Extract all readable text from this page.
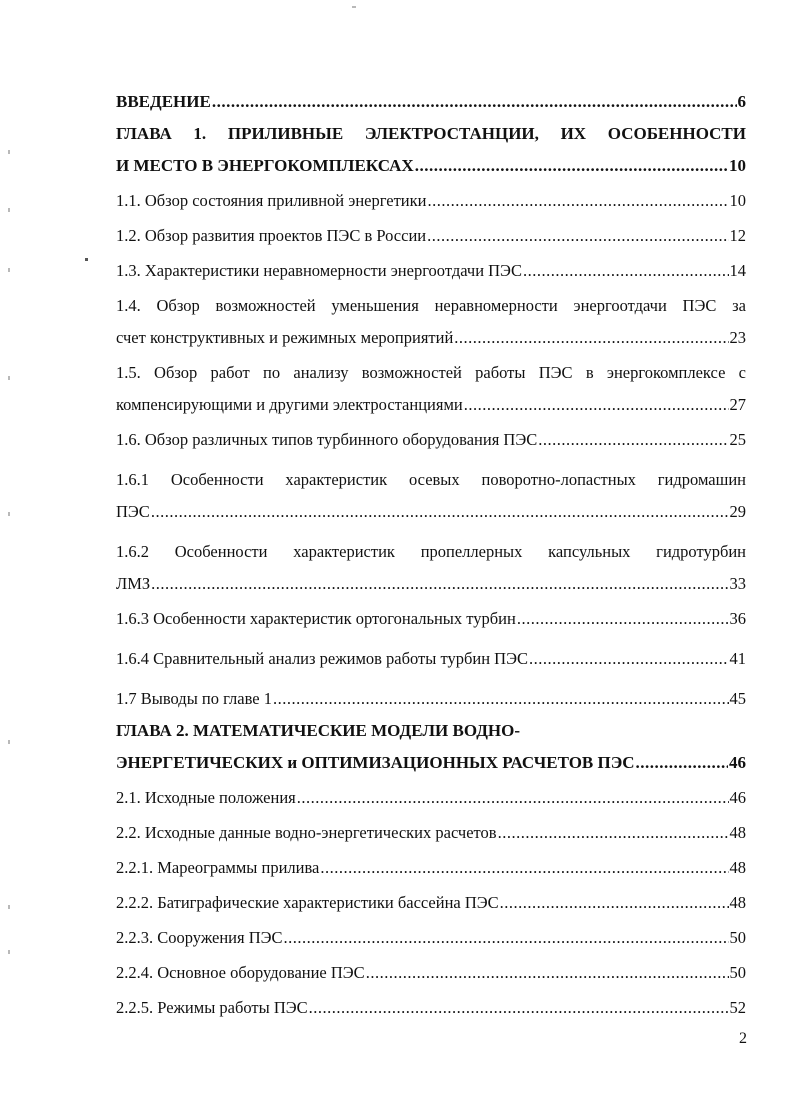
ВВЕДЕНИЕ .....	6
ГЛАВА 1. ПРИЛИВНЫЕ ЭЛЕКТРОСТАНЦИИ, ИХ ОСОБЕННОСТИ
И МЕСТО В ЭНЕРГОКОМПЛЕКСАХ .....	10
1.1. Обзор состояния приливной энергетики .....	10
1.2. Обзор развития проектов ПЭС в России .....	12
1.3. Характеристики неравномерности энергоотдачи ПЭС .....	14
1.4. Обзор возможностей уменьшения неравномерности энергоотдачи ПЭС за
счет конструктивных и режимных мероприятий .....	23
1.5. Обзор работ по анализу возможностей работы ПЭС в энергокомплексе с
компенсирующими и другими электростанциями .....	27
1.6. Обзор различных типов турбинного оборудования ПЭС .....	25
1.6.1 Особенности характеристик осевых поворотно-лопастных гидромашин
ПЭС .....	29
1.6.2 Особенности характеристик пропеллерных капсульных гидротурбин
ЛМЗ .....	33
1.6.3 Особенности характеристик ортогональных турбин .....	36
1.6.4 Сравнительный анализ режимов работы турбин ПЭС .....	41
1.7 Выводы по главе 1 .....	45
ГЛАВА 2. МАТЕМАТИЧЕСКИЕ МОДЕЛИ ВОДНО-
ЭНЕРГЕТИЧЕСКИХ и ОПТИМИЗАЦИОННЫХ РАСЧЕТОВ ПЭС .....	46
2.1. Исходные положения .....	46
2.2. Исходные данные водно-энергетических расчетов .....	48
2.2.1. Мареограммы прилива .....	48
2.2.2. Батиграфические характеристики бассейна ПЭС .....	48
2.2.3. Сооружения ПЭС .....	50
2.2.4. Основное оборудование ПЭС .....	50
2.2.5. Режимы работы ПЭС .....	52
2
